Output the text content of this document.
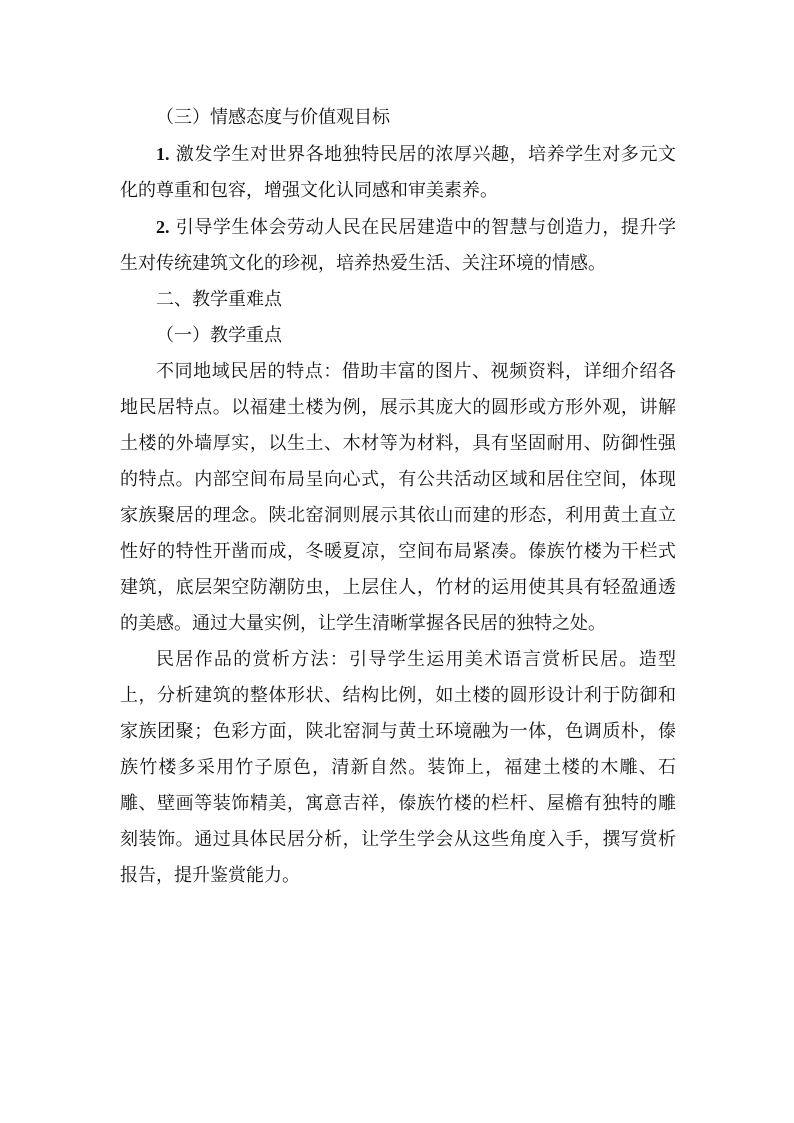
（三）情感态度与价值观目标

1. 激发学生对世界各地独特民居的浓厚兴趣，培养学生对多元文化的尊重和包容，增强文化认同感和审美素养。

2. 引导学生体会劳动人民在民居建造中的智慧与创造力，提升学生对传统建筑文化的珍视，培养热爱生活、关注环境的情感。

二、教学重难点

（一）教学重点

不同地域民居的特点：借助丰富的图片、视频资料，详细介绍各地民居特点。以福建土楼为例，展示其庞大的圆形或方形外观，讲解土楼的外墙厚实，以生土、木材等为材料，具有坚固耐用、防御性强的特点。内部空间布局呈向心式，有公共活动区域和居住空间，体现家族聚居的理念。陕北窑洞则展示其依山而建的形态，利用黄土直立性好的特性开凿而成，冬暖夏凉，空间布局紧凑。傣族竹楼为干栏式建筑，底层架空防潮防虫，上层住人，竹材的运用使其具有轻盈通透的美感。通过大量实例，让学生清晰掌握各民居的独特之处。

民居作品的赏析方法：引导学生运用美术语言赏析民居。造型上，分析建筑的整体形状、结构比例，如土楼的圆形设计利于防御和家族团聚；色彩方面，陕北窑洞与黄土环境融为一体，色调质朴，傣族竹楼多采用竹子原色，清新自然。装饰上，福建土楼的木雕、石雕、壁画等装饰精美，寓意吉祥，傣族竹楼的栏杆、屋檐有独特的雕刻装饰。通过具体民居分析，让学生学会从这些角度入手，撰写赏析报告，提升鉴赏能力。
